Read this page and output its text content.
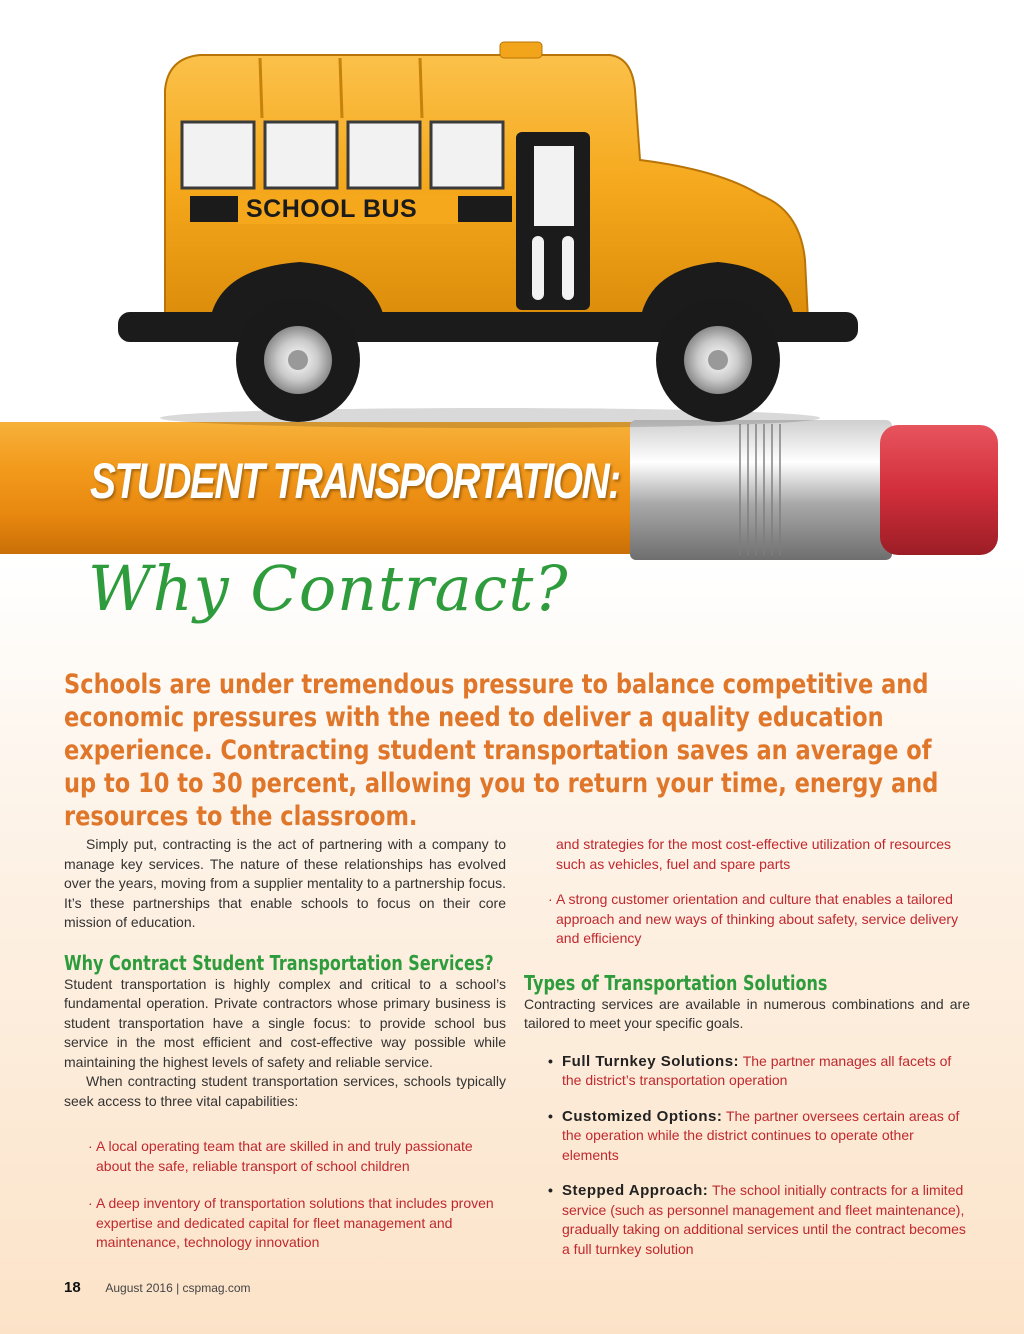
SCHOOL BUS
STUDENT TRANSPORTATION:
Why Contract?
Schools are under tremendous pressure to balance competitive and economic pressures with the need to deliver a quality education experience. Contracting student transportation saves an average of up to 10 to 30 percent, allowing you to return your time, energy and resources to the classroom.

Simply put, contracting is the act of partnering with a company to manage key services. The nature of these relationships has evolved over the years, moving from a supplier mentality to a partnership focus. It’s these partnerships that enable schools to focus on their core mission of education.

Why Contract Student Transportation Services?

Student transportation is highly complex and critical to a school’s fundamental operation. Private contractors whose primary business is student transportation have a single focus: to provide school bus service in the most efficient and cost-effective way possible while maintaining the highest levels of safety and reliable service.

When contracting student transportation services, schools typically seek access to three vital capabilities:

· A local operating team that are skilled in and truly passionate about the safe, reliable transport of school children
· A deep inventory of transportation solutions that includes proven expertise and dedicated capital for fleet management and maintenance, technology innovation
and strategies for the most cost-effective utilization of resources such as vehicles, fuel and spare parts
· A strong customer orientation and culture that enables a tailored approach and new ways of thinking about safety, service delivery and efficiency
Types of Transportation Solutions

Contracting services are available in numerous combinations and are tailored to meet your specific goals.

• Full Turnkey Solutions: The partner manages all facets of the district’s transportation operation
• Customized Options: The partner oversees certain areas of the operation while the district continues to operate other elements
• Stepped Approach: The school initially contracts for a limited service (such as personnel management and fleet maintenance), gradually taking on additional services until the contract becomes a full turnkey solution
18 August 2016 | cspmag.com
